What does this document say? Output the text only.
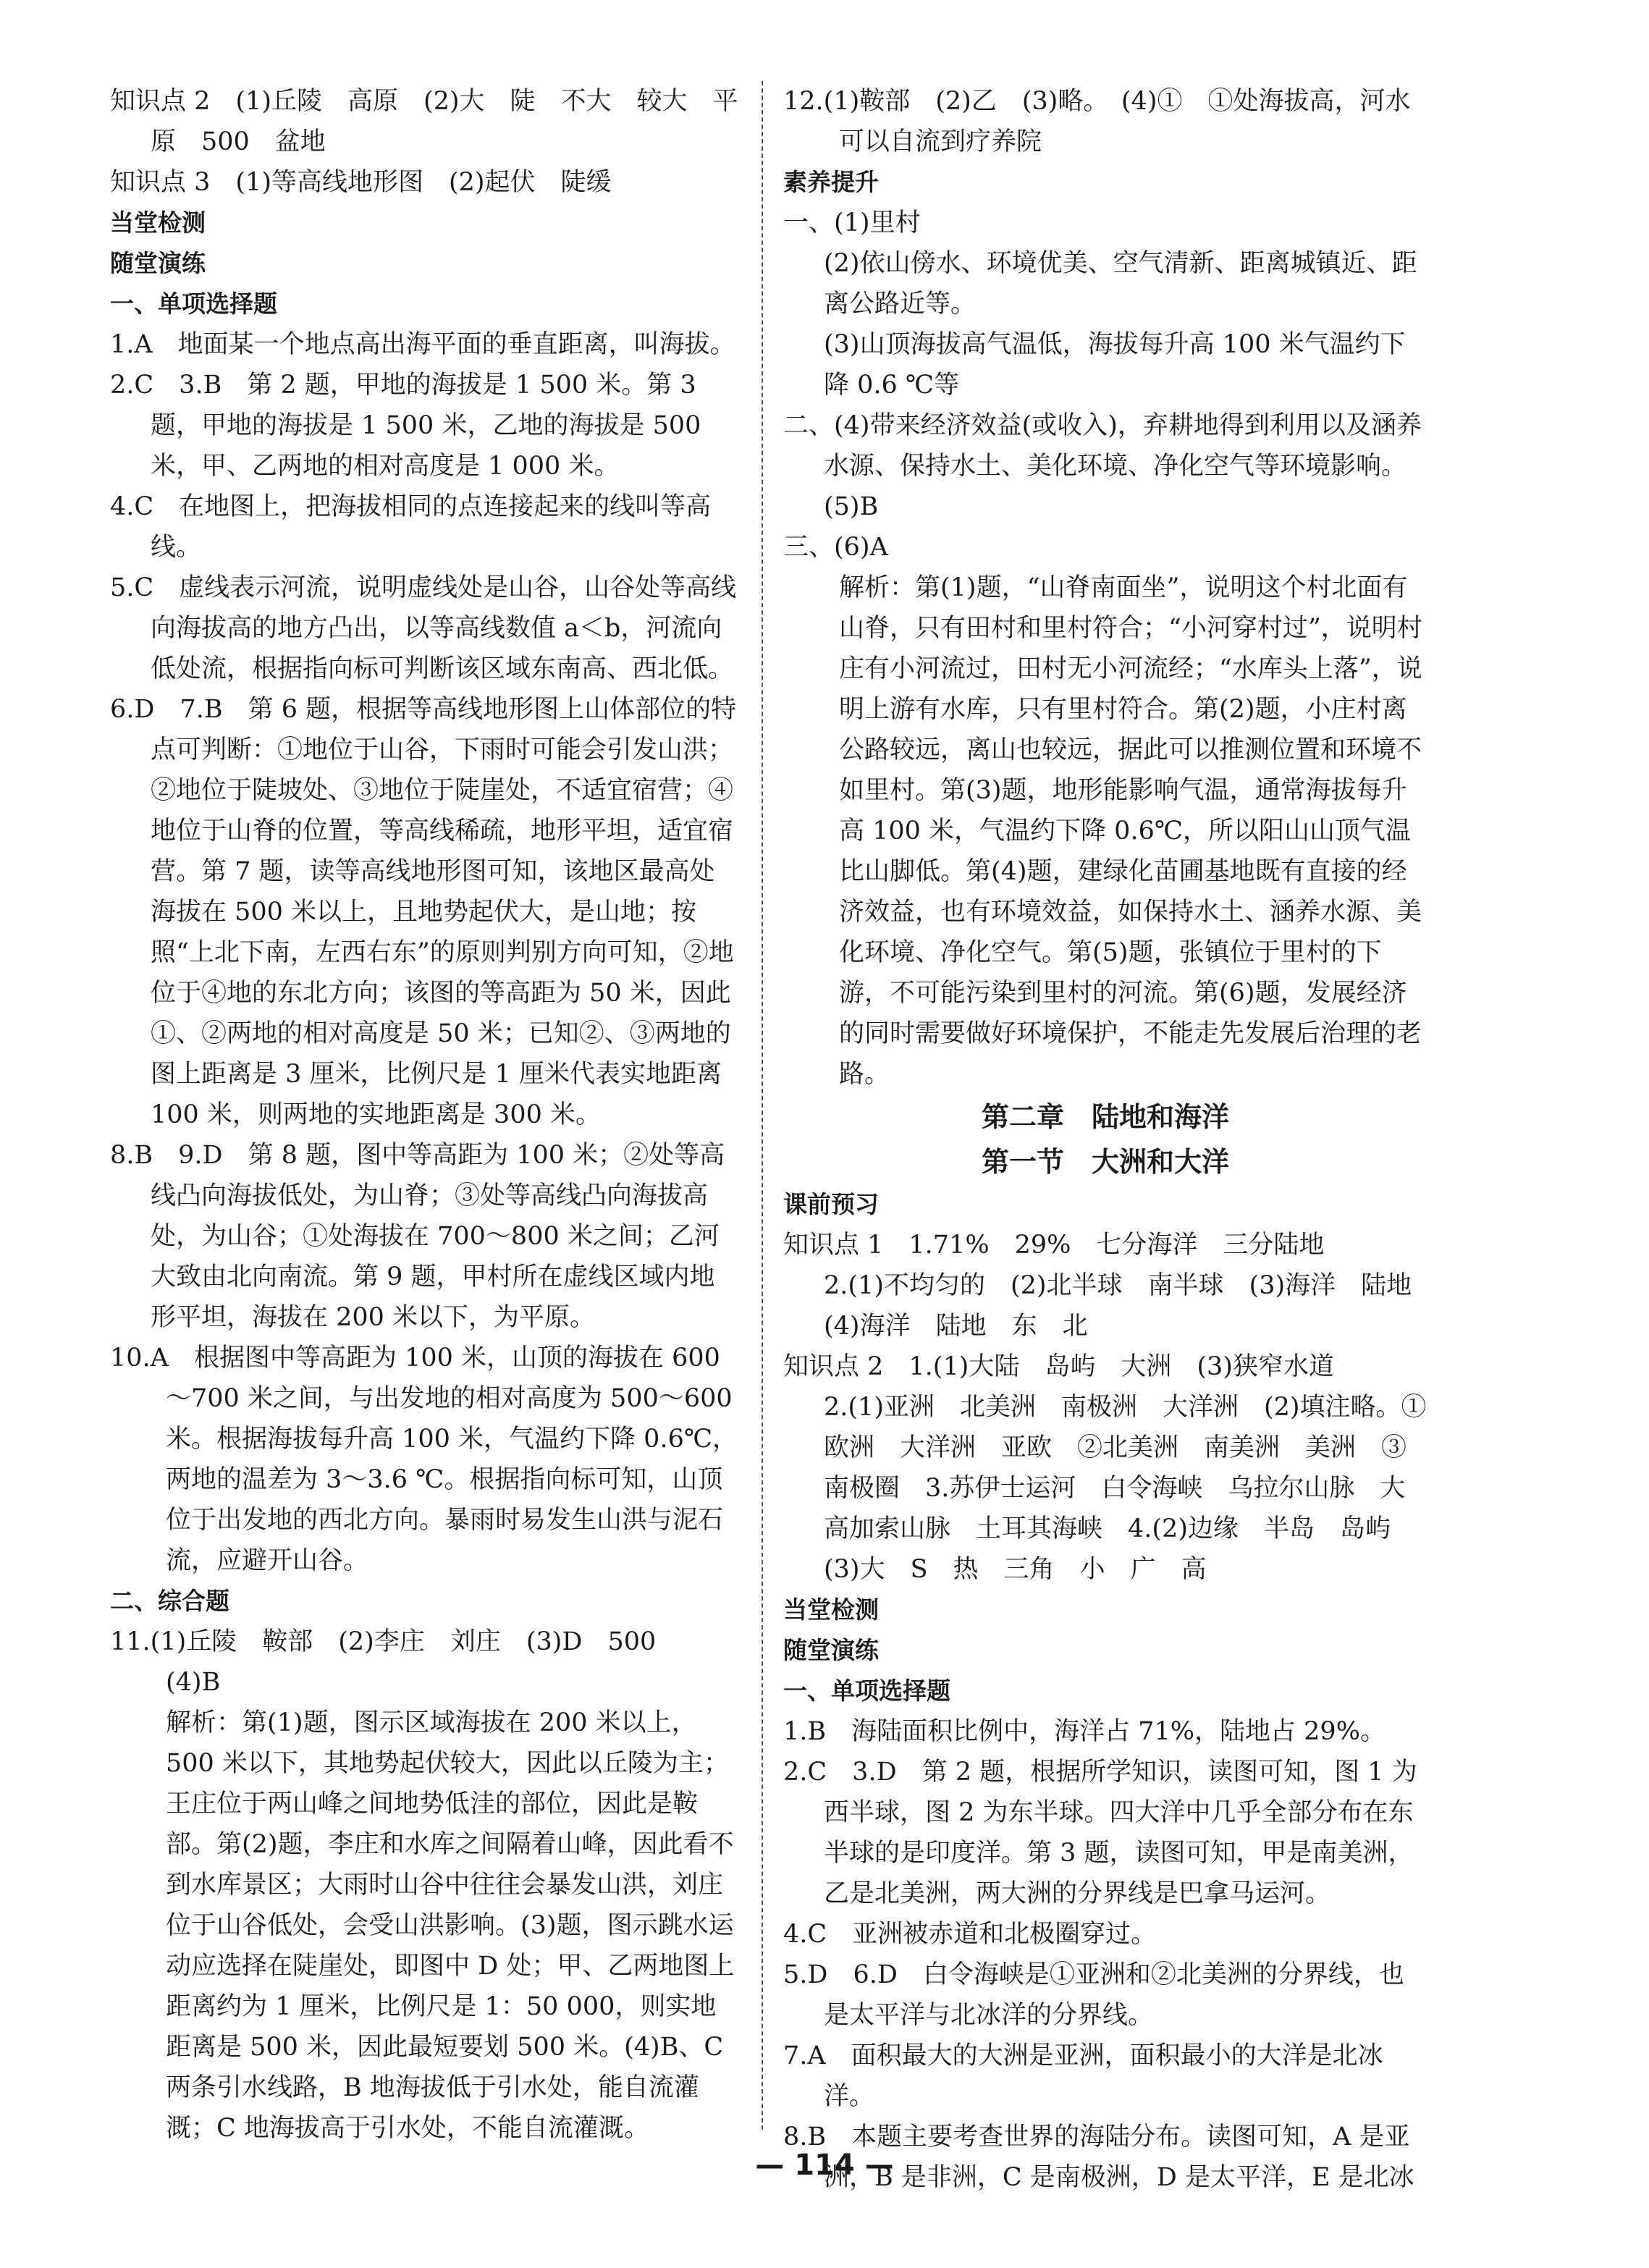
知识点 2　(1)丘陵　高原　(2)大　陡　不大　较大　平原　500　盆地

知识点 3　(1)等高线地形图　(2)起伏　陡缓

当堂检测

随堂演练

一、单项选择题

1.A　地面某一个地点高出海平面的垂直距离，叫海拔。

2.C　3.B　第 2 题，甲地的海拔是 1 500 米。第 3 题，甲地的海拔是 1 500 米，乙地的海拔是 500 米，甲、乙两地的相对高度是 1 000 米。

4.C　在地图上，把海拔相同的点连接起来的线叫等高线。

5.C　虚线表示河流，说明虚线处是山谷，山谷处等高线向海拔高的地方凸出，以等高线数值 a＜b，河流向低处流，根据指向标可判断该区域东南高、西北低。

6.D　7.B　第 6 题，根据等高线地形图上山体部位的特点可判断：①地位于山谷，下雨时可能会引发山洪；②地位于陡坡处、③地位于陡崖处，不适宜宿营；④地位于山脊的位置，等高线稀疏，地形平坦，适宜宿营。第 7 题，读等高线地形图可知，该地区最高处海拔在 500 米以上，且地势起伏大，是山地；按照“上北下南，左西右东”的原则判别方向可知，②地位于④地的东北方向；该图的等高距为 50 米，因此①、②两地的相对高度是 50 米；已知②、③两地的图上距离是 3 厘米，比例尺是 1 厘米代表实地距离 100 米，则两地的实地距离是 300 米。

8.B　9.D　第 8 题，图中等高距为 100 米；②处等高线凸向海拔低处，为山脊；③处等高线凸向海拔高处，为山谷；①处海拔在 700～800 米之间；乙河大致由北向南流。第 9 题，甲村所在虚线区域内地形平坦，海拔在 200 米以下，为平原。

10.A　根据图中等高距为 100 米，山顶的海拔在 600～700 米之间，与出发地的相对高度为 500～600 米。根据海拔每升高 100 米，气温约下降 0.6℃，两地的温差为 3～3.6 ℃。根据指向标可知，山顶位于出发地的西北方向。暴雨时易发生山洪与泥石流，应避开山谷。

二、综合题

11.(1)丘陵　鞍部　(2)李庄　刘庄　(3)D　500

(4)B

解析：第(1)题，图示区域海拔在 200 米以上，500 米以下，其地势起伏较大，因此以丘陵为主；王庄位于两山峰之间地势低洼的部位，因此是鞍部。第(2)题，李庄和水库之间隔着山峰，因此看不到水库景区；大雨时山谷中往往会暴发山洪，刘庄位于山谷低处，会受山洪影响。(3)题，图示跳水运动应选择在陡崖处，即图中 D 处；甲、乙两地图上距离约为 1 厘米，比例尺是 1：50 000，则实地距离是 500 米，因此最短要划 500 米。(4)B、C 两条引水线路，B 地海拔低于引水处，能自流灌溉；C 地海拔高于引水处，不能自流灌溉。

12.(1)鞍部　(2)乙　(3)略。　(4)①　①处海拔高，河水可以自流到疗养院

素养提升

一、(1)里村

(2)依山傍水、环境优美、空气清新、距离城镇近、距离公路近等。

(3)山顶海拔高气温低，海拔每升高 100 米气温约下降 0.6 ℃等

二、(4)带来经济效益(或收入)，弃耕地得到利用以及涵养水源、保持水土、美化环境、净化空气等环境影响。

(5)B

三、(6)A

解析：第(1)题，“山脊南面坐”，说明这个村北面有山脊，只有田村和里村符合；“小河穿村过”，说明村庄有小河流过，田村无小河流经；“水库头上落”，说明上游有水库，只有里村符合。第(2)题，小庄村离公路较远，离山也较远，据此可以推测位置和环境不如里村。第(3)题，地形能影响气温，通常海拔每升高 100 米，气温约下降 0.6℃，所以阳山山顶气温比山脚低。第(4)题，建绿化苗圃基地既有直接的经济效益，也有环境效益，如保持水土、涵养水源、美化环境、净化空气。第(5)题，张镇位于里村的下游，不可能污染到里村的河流。第(6)题，发展经济的同时需要做好环境保护，不能走先发展后治理的老路。

第二章　陆地和海洋

第一节　大洲和大洋

课前预习

知识点 1　1.71%　29%　七分海洋　三分陆地

2.(1)不均匀的　(2)北半球　南半球　(3)海洋　陆地　(4)海洋　陆地　东　北

知识点 2　1.(1)大陆　岛屿　大洲　(3)狭窄水道

2.(1)亚洲　北美洲　南极洲　大洋洲　(2)填注略。①欧洲　大洋洲　亚欧　②北美洲　南美洲　美洲　③南极圈　3.苏伊士运河　白令海峡　乌拉尔山脉　大高加索山脉　土耳其海峡　4.(2)边缘　半岛　岛屿　(3)大　S　热　三角　小　广　高

当堂检测

随堂演练

一、单项选择题

1.B　海陆面积比例中，海洋占 71%，陆地占 29%。

2.C　3.D　第 2 题，根据所学知识，读图可知，图 1 为西半球，图 2 为东半球。四大洋中几乎全部分布在东半球的是印度洋。第 3 题，读图可知，甲是南美洲，乙是北美洲，两大洲的分界线是巴拿马运河。

4.C　亚洲被赤道和北极圈穿过。

5.D　6.D　白令海峡是①亚洲和②北美洲的分界线，也是太平洋与北冰洋的分界线。

7.A　面积最大的大洲是亚洲，面积最小的大洋是北冰洋。

8.B　本题主要考查世界的海陆分布。读图可知，A 是亚洲，B 是非洲，C 是南极洲，D 是太平洋，E 是北冰

— 114 —
